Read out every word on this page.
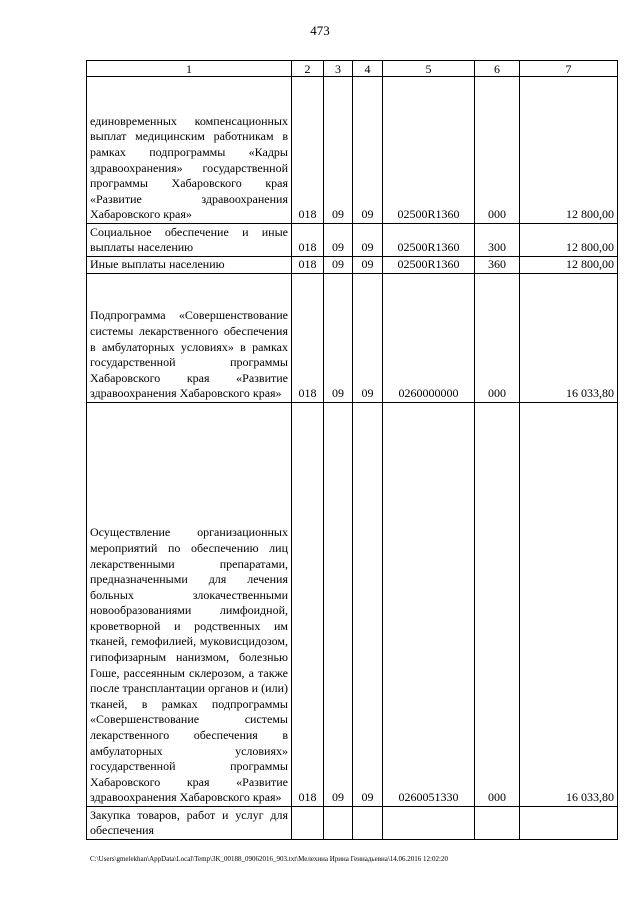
473
1	2	3	4	5	6	7
единовременных компенсационных выплат медицинским работникам в рамках подпрограммы «Кадры здравоохранения» государственной программы Хабаровского края «Развитие здравоохранения Хабаровского края»	018	09	09	02500R1360	000	12 800,00
Социальное обеспечение и иные выплаты населению	018	09	09	02500R1360	300	12 800,00
Иные выплаты населению	018	09	09	02500R1360	360	12 800,00
Подпрограмма «Совершенствование системы лекарственного обеспечения в амбулаторных условиях» в рамках государственной программы Хабаровского края «Развитие здравоохранения Хабаровского края»	018	09	09	0260000000	000	16 033,80
Осуществление организационных мероприятий по обеспечению лиц лекарственными препаратами, предназначенными для лечения больных злокачественными новообразованиями лимфоидной, кроветворной и родственных им тканей, гемофилией, муковисцидозом, гипофизарным нанизмом, болезнью Гоше, рассеянным склерозом, а также после трансплантации органов и (или) тканей, в рамках подпрограммы «Совершенствование системы лекарственного обеспечения в амбулаторных условиях» государственной программы Хабаровского края «Развитие здравоохранения Хабаровского края»	018	09	09	0260051330	000	16 033,80
Закупка товаров, работ и услуг для обеспечения						
C:\Users\gmelekhan\AppData\Local\Temp\3K_00188_09062016_903.txt\Мелехина Ирина Геннадьевна\14.06.2016 12:02:20
